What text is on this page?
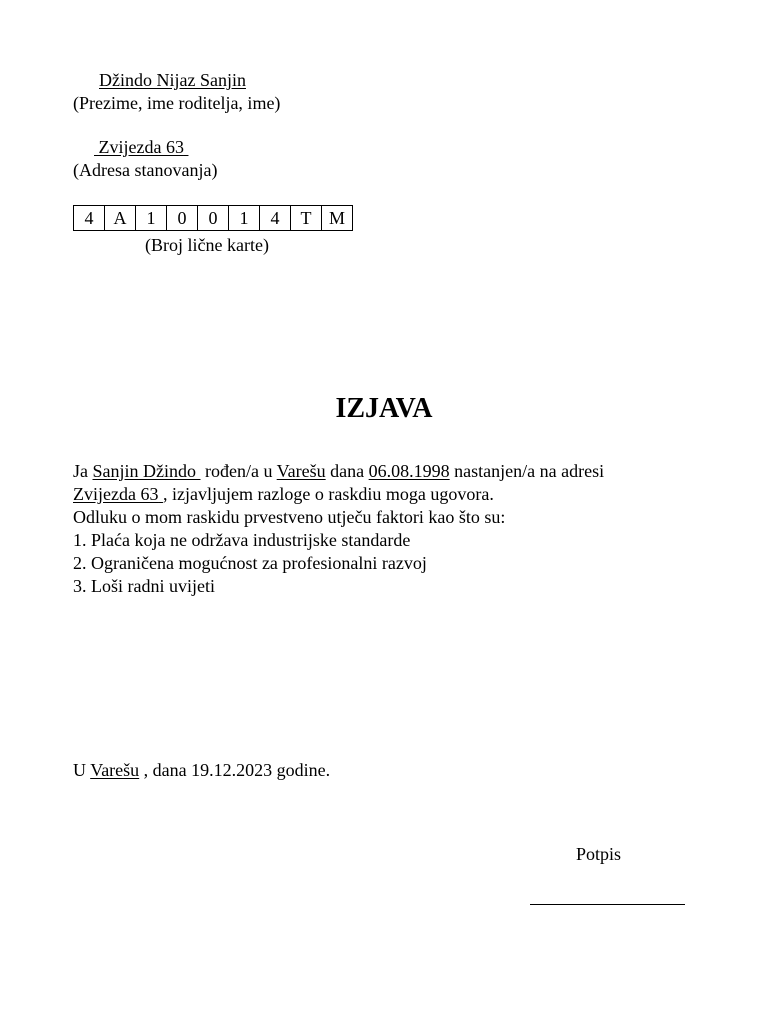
Džindo Nijaz Sanjin
(Prezime, ime roditelja, ime)
Zvijezda 63
(Adresa stanovanja)
4	A	1	0	0	1	4	T M
(Broj lične karte)
IZJAVA
Ja Sanjin Džindo rođen/a u Varešu dana 06.08.1998 nastanjen/a na adresi
Zvijezda 63 , izjavljujem razloge o raskdiu moga ugovora.
Odluku o mom raskidu prvestveno utječu faktori kao što su:
1. Plaća koja ne održava industrijske standarde
2. Ograničena mogućnost za profesionalni razvoj
3. Loši radni uvijeti
U Varešu , dana 19.12.2023 godine.
Potpis
